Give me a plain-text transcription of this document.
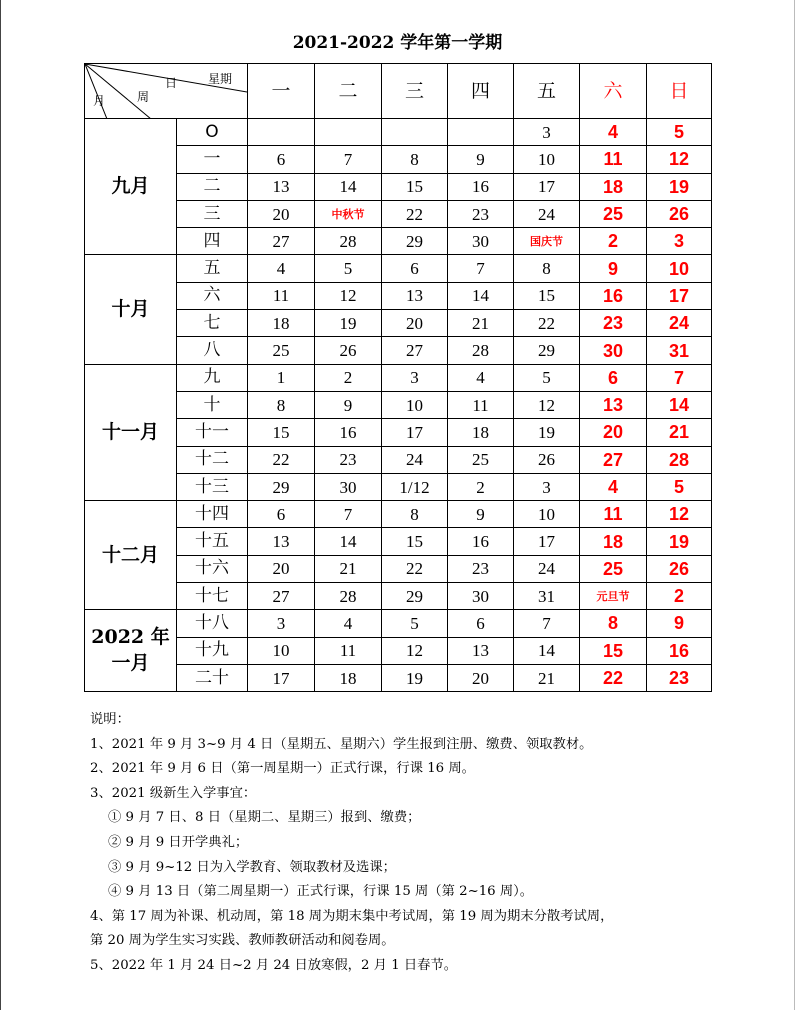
2021-2022 学年第一学期
星期
日
周
月		一	二	三	四	五	六	日

九月	O					3	4	5
	一	6	7	8	9	10	11	12
	二	13	14	15	16	17	18	19
	三	20	中秋节	22	23	24	25	26
	四	27	28	29	30	国庆节	2	3

十月	五	4	5	6	7	8	9	10
	六	11	12	13	14	15	16	17
	七	18	19	20	21	22	23	24
	八	25	26	27	28	29	30	31

十一月	九	1	2	3	4	5	6	7
	十	8	9	10	11	12	13	14
	十一	15	16	17	18	19	20	21
	十二	22	23	24	25	26	27	28
	十三	29	30	1/12	2	3	4	5

十二月	十四	6	7	8	9	10	11	12
	十五	13	14	15	16	17	18	19
	十六	20	21	22	23	24	25	26
	十七	27	28	29	30	31	元旦节	2

2022 年
一月	十八	3	4	5	6	7	8	9
	十九	10	11	12	13	14	15	16
	二十	17	18	19	20	21	22	23

说明：

1、2021 年 9 月 3~9 月 4 日（星期五、星期六）学生报到注册、缴费、领取教材。

2、2021 年 9 月 6 日（第一周星期一）正式行课，行课 16 周。

3、2021 级新生入学事宜：

① 9 月 7 日、8 日（星期二、星期三）报到、缴费；

② 9 月 9 日开学典礼；

③ 9 月 9~12 日为入学教育、领取教材及选课；

④ 9 月 13 日（第二周星期一）正式行课，行课 15 周（第 2~16 周）。

4、第 17 周为补课、机动周，第 18 周为期末集中考试周，第 19 周为期末分散考试周，

第 20 周为学生实习实践、教师教研活动和阅卷周。

5、2022 年 1 月 24 日~2 月 24 日放寒假，2 月 1 日春节。
